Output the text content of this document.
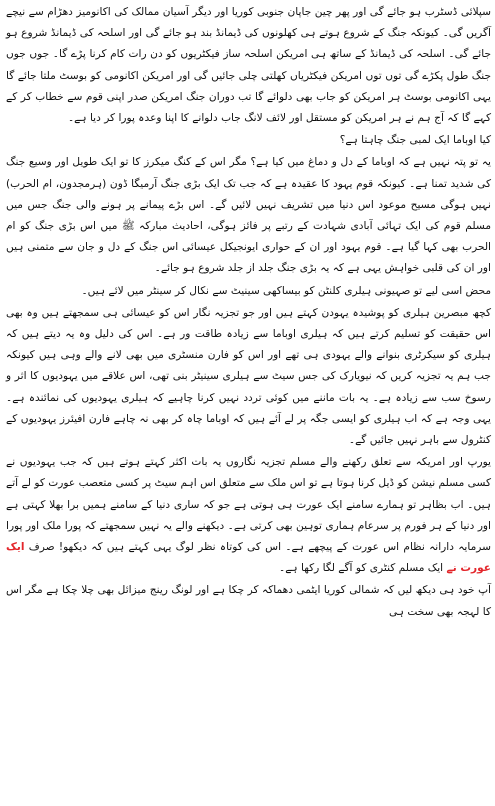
سپلائی ڈسٹرب ہو جائے گی اور پھر چین جاپان جنوبی کوریا اور دیگر آسیان ممالک کی اکانومیز دھڑام سے نیچے آگریں گی۔ کیونکہ جنگ کے شروع ہوتے ہی کھلونوں کی ڈیمانڈ بند ہو جائے گی اور اسلحہ کی ڈیمانڈ شروع ہو جائے گی۔ اسلحہ کی ڈیمانڈ کے ساتھ ہی امریکن اسلحہ ساز فیکٹریوں کو دن رات کام کرنا پڑے گا۔ جوں جوں جنگ طول پکڑے گی توں توں امریکن فیکٹریاں کھلتی چلی جائیں گی اور امریکن اکانومی کو بوسٹ ملتا جائے گا یہی اکانومی بوسٹ ہر امریکن کو جاب بھی دلوائے گا تب دوران جنگ امریکن صدر اپنی قوم سے خطاب کر کے کہے گا کہ آج ہم نے ہر امریکن کو مستقل اور لائف لانگ جاب دلوانے کا اپنا وعدہ پورا کر دیا ہے۔

کیا اوباما ایک لمبی جنگ چاہتا ہے؟

یہ تو پتہ نہیں ہے کہ اوباما کے دل و دماغ میں کیا ہے؟ مگر اس کے کنگ میکرز کا تو ایک طویل اور وسیع جنگ کی شدید تمنا ہے۔ کیونکہ قوم یہود کا عقیدہ ہے کہ جب تک ایک بڑی جنگ آرمیگا ڈون (ہرمجدون، ام الحرب) نہیں ہوگی مسیح موعود اس دنیا میں تشریف نہیں لائیں گے۔ اس بڑے پیمانے پر ہونے والی جنگ جس میں مسلم قوم کی ایک تہائی آبادی شہادت کے رتبے پر فائز ہوگی، احادیث مبارکہ ﷺ میں اس بڑی جنگ کو ام الحرب بھی کہا گیا ہے۔ قوم یہود اور ان کے حواری ایونجیکل عیسائی اس جنگ کے دل و جان سے متمنی ہیں اور ان کی قلبی خواہش یہی ہے کہ یہ بڑی جنگ جلد از جلد شروع ہو جائے۔

محض اسی لیے تو صہیونی ہیلری کلنٹن کو بیساکھی سینیٹ سے نکال کر سینٹر میں لائے ہیں۔

کچھ مبصرین ہیلری کو پوشیدہ یہودن کہتے ہیں اور جو تجزیہ نگار اس کو عیسائی ہی سمجھتے ہیں وہ بھی اس حقیقت کو تسلیم کرتے ہیں کہ ہیلری اوباما سے زیادہ طاقت ور ہے۔ اس کی دلیل وہ یہ دیتے ہیں کہ ہیلری کو سیکرٹری بنوانے والے یہودی ہی تھے اور اس کو فارن منسٹری میں بھی لانے والے وہی ہیں کیونکہ جب ہم یہ تجزیہ کریں کہ نیویارک کی جس سیٹ سے ہیلری سینیٹر بنی تھی، اس علاقے میں یہودیوں کا اثر و رسوخ سب سے زیادہ ہے۔ یہ بات ماننے میں کوئی تردد نہیں کرنا چاہیے کہ ہیلری یہودیوں کی نمائندہ ہے۔ یہی وجہ ہے کہ اب ہیلری کو ایسی جگہ پر لے آئے ہیں کہ اوباما چاہ کر بھی نہ چاہے فارن افیئرز یہودیوں کے کنٹرول سے باہر نہیں جائیں گے۔

یورپ اور امریکہ سے تعلق رکھنے والے مسلم تجزیہ نگاروں یہ بات اکثر کہتے ہوتے ہیں کہ جب یہودیوں نے کسی مسلم نیشن کو ڈیل کرنا ہوتا ہے تو اس ملک سے متعلق اس اہم سیٹ پر کسی متعصب عورت کو لے آتے ہیں۔ اب بظاہر تو ہمارے سامنے ایک عورت ہی ہوتی ہے جو کہ ساری دنیا کے سامنے ہمیں برا بھلا کہتی ہے اور دنیا کے ہر فورم پر سرعام ہماری توہین بھی کرتی ہے۔ دیکھنے والے یہ نہیں سمجھتے کہ پورا ملک اور پورا سرمایہ دارانہ نظام اس عورت کے پیچھے ہے۔ اس کی کوتاہ نظر لوگ یہی کہتے ہیں کہ دیکھو! صرف ایک عورت نے ایک مسلم کنٹری کو آگے لگا رکھا ہے۔

آپ خود ہی دیکھ لیں کہ شمالی کوریا ایٹمی دھماکہ کر چکا ہے اور لونگ رینج میزائل بھی چلا چکا ہے مگر اس کا لہجہ بھی سخت ہی
